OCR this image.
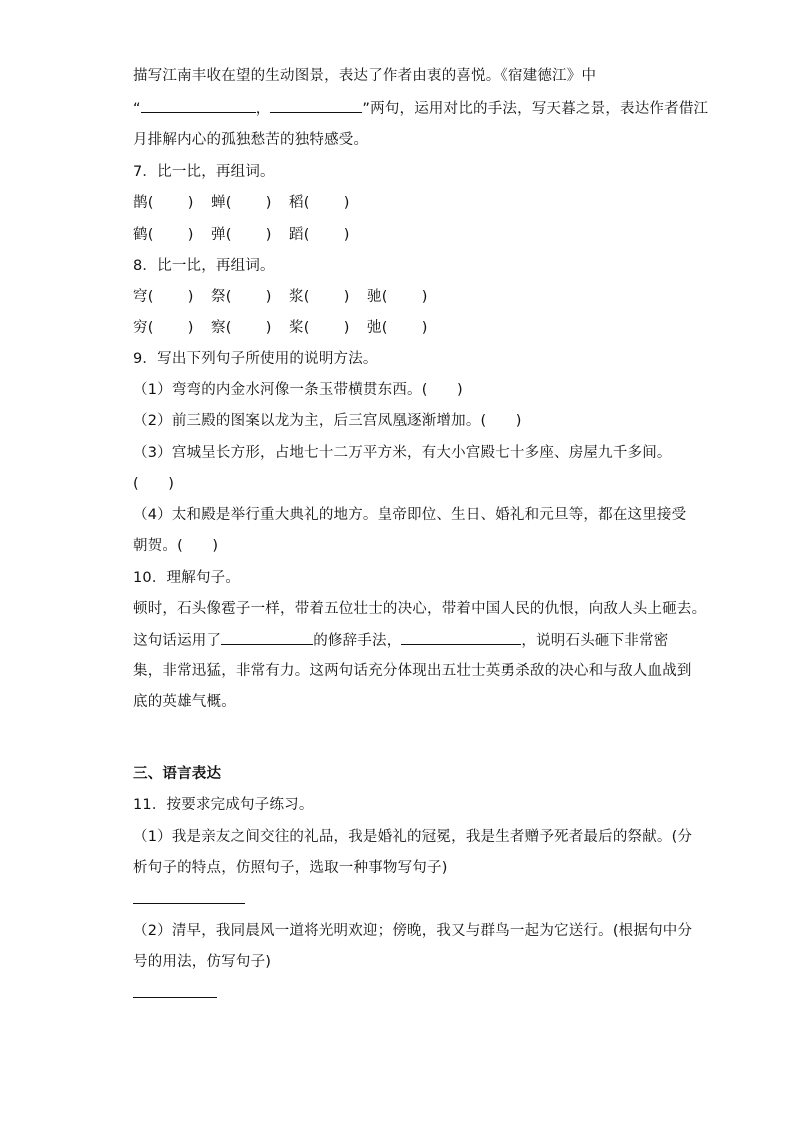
描写江南丰收在望的生动图景，表达了作者由衷的喜悦。《宿建德江》中
“	，	”两句，运用对比的手法，写天暮之景，表达作者借江
月排解内心的孤独愁苦的独特感受。
7．比一比，再组词。
鹊(　　 ) 蝉(　　 ) 稻(　　 )
鹤(　　 ) 弹(　　 ) 蹈(　　 )
8．比一比，再组词。
穹(　　 ) 祭(　　 ) 浆(　　 ) 驰(　　 )
穷(　　 ) 察(　　 ) 桨(　　 ) 弛(　　 )
9．写出下列句子所使用的说明方法。
（1）弯弯的内金水河像一条玉带横贯东西。(　　)
（2）前三殿的图案以龙为主，后三宫凤凰逐渐增加。(　　)
（3）宫城呈长方形，占地七十二万平方米，有大小宫殿七十多座、房屋九千多间。
(　　)
（4）太和殿是举行重大典礼的地方。皇帝即位、生日、婚礼和元旦等，都在这里接受
朝贺。(　　)
10．理解句子。
顿时，石头像雹子一样，带着五位壮士的决心，带着中国人民的仇恨，向敌人头上砸去。
这句话运用了	的修辞手法，	，说明石头砸下非常密
集，非常迅猛，非常有力。这两句话充分体现出五壮士英勇杀敌的决心和与敌人血战到
底的英雄气概。
三、语言表达
11．按要求完成句子练习。
（1）我是亲友之间交往的礼品，我是婚礼的冠冕，我是生者赠予死者最后的祭献。(分
析句子的特点，仿照句子，选取一种事物写句子)
（2）清早，我同晨风一道将光明欢迎；傍晚，我又与群鸟一起为它送行。(根据句中分
号的用法，仿写句子)
